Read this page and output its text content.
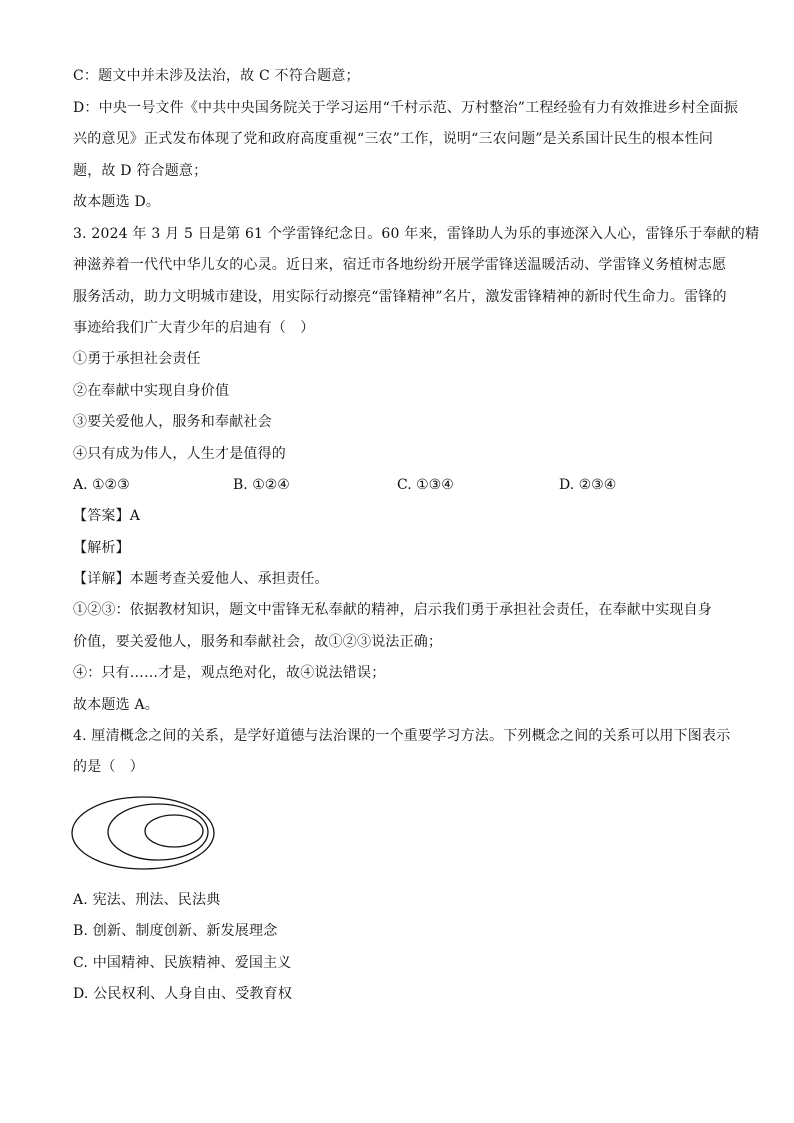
C：题文中并未涉及法治，故 C 不符合题意；
D：中央一号文件《中共中央国务院关于学习运用“千村示范、万村整治”工程经验有力有效推进乡村全面振
兴的意见》正式发布体现了党和政府高度重视“三农”工作，说明“三农问题”是关系国计民生的根本性问
题，故 D 符合题意；
故本题选 D。
3. 2024 年 3 月 5 日是第 61 个学雷锋纪念日。60 年来，雷锋助人为乐的事迹深入人心，雷锋乐于奉献的精
神滋养着一代代中华儿女的心灵。近日来，宿迁市各地纷纷开展学雷锋送温暖活动、学雷锋义务植树志愿
服务活动，助力文明城市建设，用实际行动擦亮“雷锋精神”名片，激发雷锋精神的新时代生命力。雷锋的
事迹给我们广大青少年的启迪有（　）
①勇于承担社会责任
②在奉献中实现自身价值
③要关爱他人，服务和奉献社会
④只有成为伟人，人生才是值得的
A. ①②③	B. ①②④	C. ①③④	D. ②③④
【答案】A
【解析】
【详解】本题考查关爱他人、承担责任。
①②③：依据教材知识，题文中雷锋无私奉献的精神，启示我们勇于承担社会责任，在奉献中实现自身
价值，要关爱他人，服务和奉献社会，故①②③说法正确；
④：只有……才是，观点绝对化，故④说法错误；
故本题选 A。
4. 厘清概念之间的关系，是学好道德与法治课的一个重要学习方法。下列概念之间的关系可以用下图表示
的是（　）
A. 宪法、刑法、民法典
B. 创新、制度创新、新发展理念
C. 中国精神、民族精神、爱国主义
D. 公民权利、人身自由、受教育权
